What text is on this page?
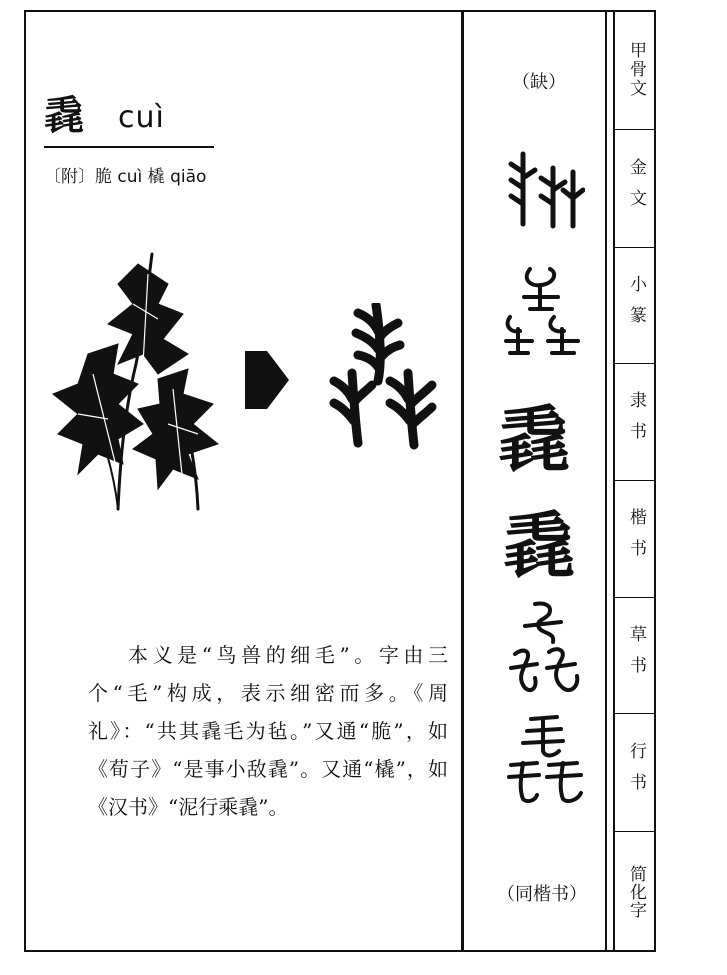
毳 cuì
〔附〕脆 cuì 橇 qiāo
本义是“鸟兽的细毛”。字由三个“毛”构成，表示细密而多。《周礼》：“共其毳毛为毡。”又通“脆”，如《荀子》“是事小敌毳”。又通“橇”，如《汉书》“泥行乘毳”。
（缺）
毳
毳
（同楷书）
甲骨文
金文
小篆
隶书
楷书
草书
行书
简化字
